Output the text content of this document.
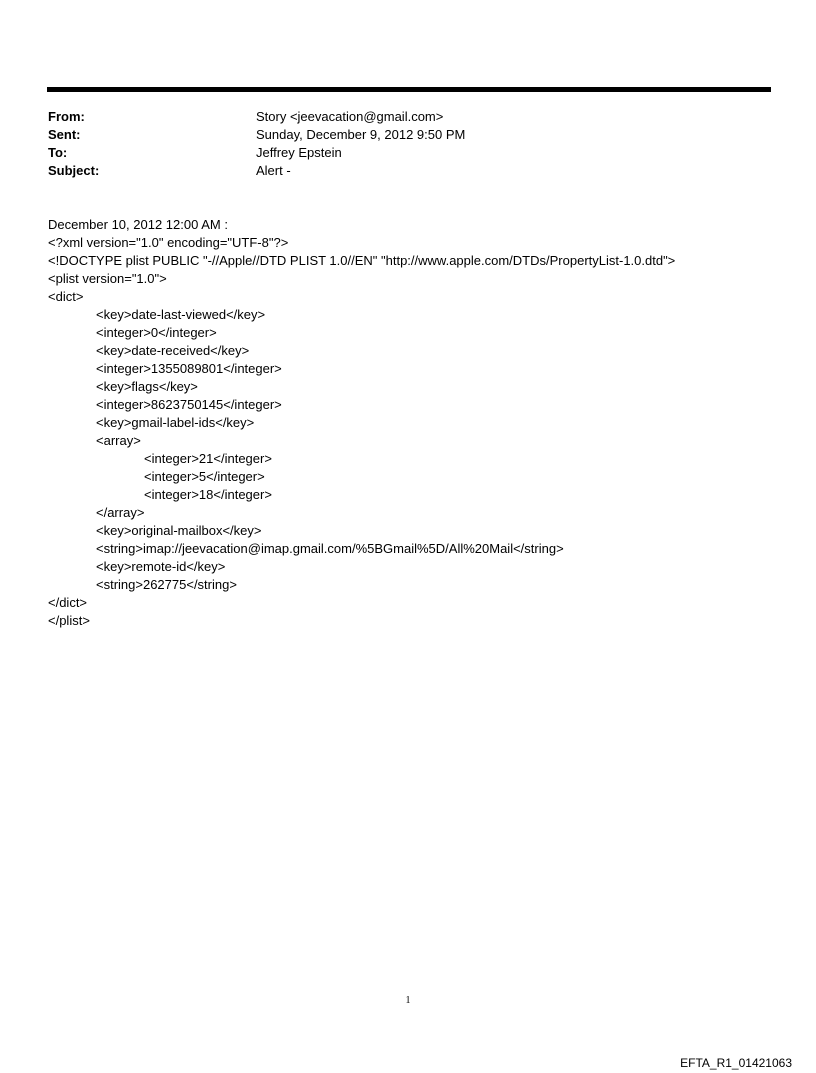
From:	Story <jeevacation@gmail.com>
Sent:	Sunday, December 9, 2012 9:50 PM
To:	Jeffrey Epstein
Subject:	Alert -
December 10, 2012 12:00 AM :
<?xml version="1.0" encoding="UTF-8"?>
<!DOCTYPE plist PUBLIC "-//Apple//DTD PLIST 1.0//EN" "http://www.apple.com/DTDs/PropertyList-1.0.dtd">
<plist version="1.0">
<dict>
<key>date-last-viewed</key>
<integer>0</integer>
<key>date-received</key>
<integer>1355089801</integer>
<key>flags</key>
<integer>8623750145</integer>
<key>gmail-label-ids</key>
<array>
<integer>21</integer>
<integer>5</integer>
<integer>18</integer>
</array>
<key>original-mailbox</key>
<string>imap://jeevacation@imap.gmail.com/%5BGmail%5D/All%20Mail</string>
<key>remote-id</key>
<string>262775</string>
</dict>
</plist>
1
EFTA_R1_01421063
